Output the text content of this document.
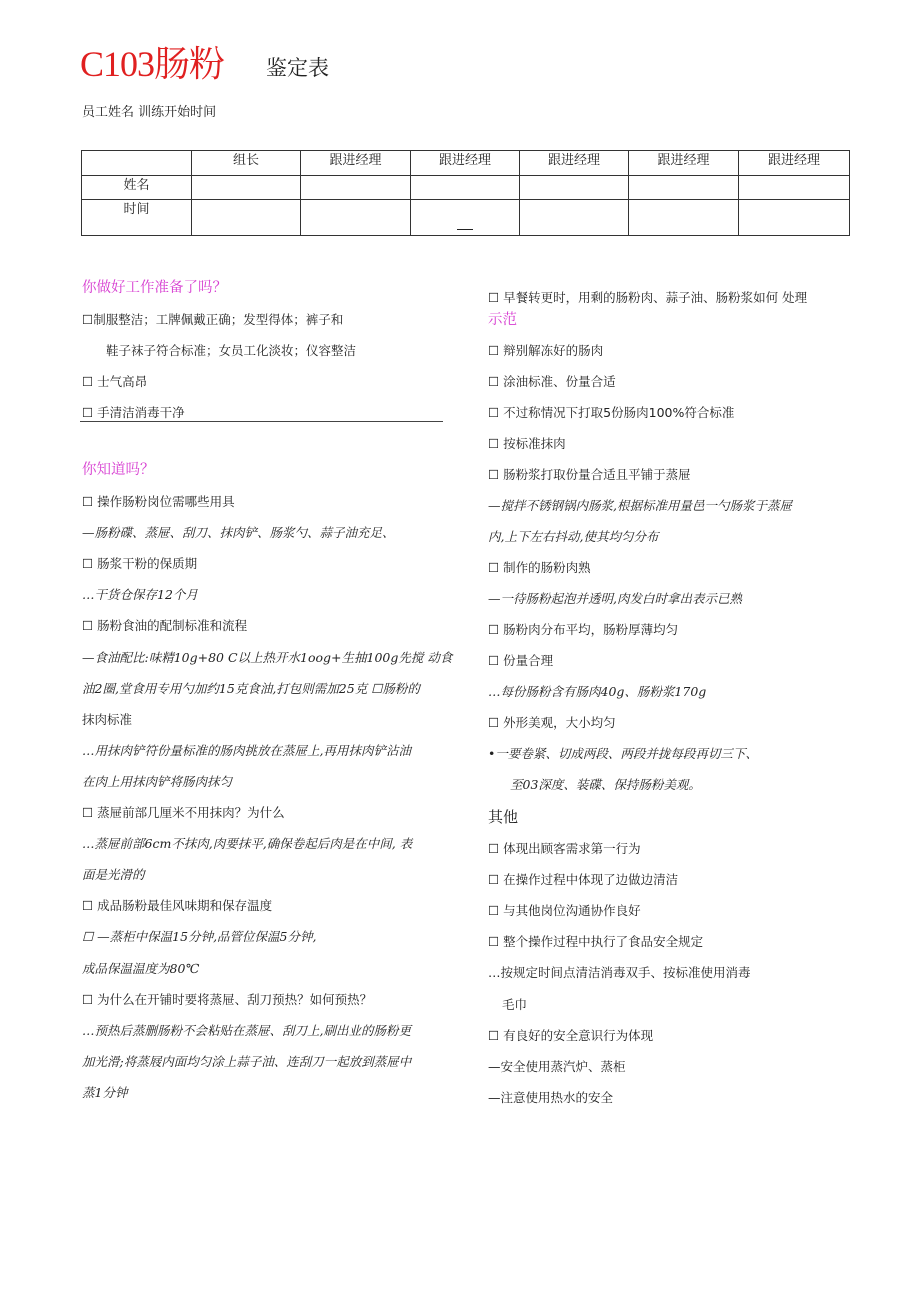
C103肠粉 鉴定表
员工姓名 训练开始时间
	组长	跟进经理	跟进经理	跟进经理	跟进经理	跟进经理
姓名						
时间			

你做好工作准备了吗？
☐制服整洁；工牌佩戴正确；发型得体；裤子和
鞋子袜子符合标准；女员工化淡妆；仪容整洁
☐ 士气高昂
☐ 手清洁消毒干净
你知道吗？
☐ 操作肠粉岗位需哪些用具
—肠粉碟、蒸屉、刮刀、抹肉铲、肠浆勺、蒜子油充足、
☐ 肠浆干粉的保质期
…干货仓保存12个月
☐ 肠粉食油的配制标准和流程
—食油配比:味精10g+80 C以上热开水1oog+生抽100g先搅 动食
油2圈,堂食用专用勺加约15克食油,打包则需加25克 ☐肠粉的
抹肉标准
…用抹肉铲符份量标准的肠肉挑放在蒸屉上,再用抹肉铲沾油
在肉上用抹肉铲将肠肉抹匀
☐ 蒸屉前部几厘米不用抹肉？为什么
…蒸屉前部6cm不抹肉,肉要抹平,确保卷起后肉是在中间, 表
面是光滑的
☐ 成品肠粉最佳风味期和保存温度
☐ —蒸柜中保温15分钟,品管位保温5分钟,
成品保温温度为80℃
☐ 为什么在开铺时要将蒸屉、刮刀预热？如何预热？
…预热后蒸删肠粉不会粘贴在蒸屉、刮刀上,刷出业的肠粉更
加光滑;将蒸屐内面均匀涂上蒜子油、连刮刀一起放到蒸屉中
蒸1分钟
☐ 早餐转更时，用剩的肠粉肉、蒜子油、肠粉浆如何 处理
示范
☐ 辩别解冻好的肠肉
☐ 涂油标准、份量合适
☐ 不过称情况下打取5份肠肉100%符合标准
☐ 按标准抹肉
☐ 肠粉浆打取份量合适且平铺于蒸屉
—搅拌不锈钢锅内肠浆,根据标准用量邑一勺肠浆于蒸屉
内,上下左右抖动,使其均匀分布
☐ 制作的肠粉肉熟
—一待肠粉起泡并透明,肉发白时拿出表示已熟
☐ 肠粉肉分布平均，肠粉厚薄均匀
☐ 份量合理
…每份肠粉含有肠肉40g、肠粉浆170g
☐ 外形美观，大小均匀
•一要卷紧、切成两段、两段并拢每段再切三下、
至03深度、装碟、保持肠粉美观。
其他
☐ 体现出顾客需求第一行为
☐ 在操作过程中体现了边做边清洁
☐ 与其他岗位沟通协作良好
☐ 整个操作过程中执行了食品安全规定
…按规定时间点清洁消毒双手、按标准使用消毒
毛巾
☐ 有良好的安全意识行为体现
—安全使用蒸汽炉、蒸柜
—注意使用热水的安全
